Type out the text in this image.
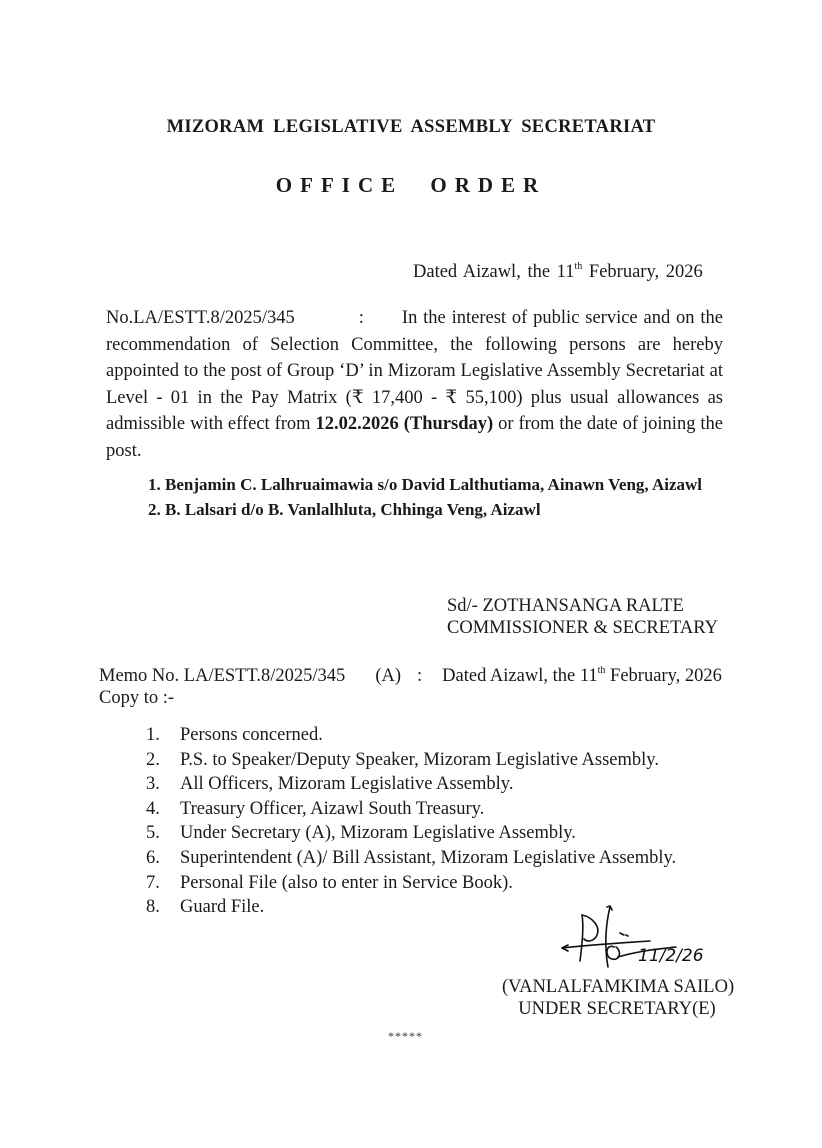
MIZORAM LEGISLATIVE ASSEMBLY SECRETARIAT
OFFICE ORDER
Dated Aizawl, the 11th February, 2026
No.LA/ESTT.8/2025/345	: In the interest of public service and on the recommendation of Selection Committee, the following persons are hereby appointed to the post of Group ‘D’ in Mizoram Legislative Assembly Secretariat at Level - 01 in the Pay Matrix (₹ 17,400 - ₹ 55,100) plus usual allowances as admissible with effect from 12.02.2026 (Thursday) or from the date of joining the post.
1. Benjamin C. Lalhruaimawia s/o David Lalthutiama, Ainawn Veng, Aizawl
2. B. Lalsari d/o B. Vanlalhluta, Chhinga Veng, Aizawl
Sd/- ZOTHANSANGA RALTE
COMMISSIONER & SECRETARY
Memo No. LA/ESTT.8/2025/345 (A) : Dated Aizawl, the 11th February, 2026
Copy to :-
1.	Persons concerned.
2.	P.S. to Speaker/Deputy Speaker, Mizoram Legislative Assembly.
3.	All Officers, Mizoram Legislative Assembly.
4.	Treasury Officer, Aizawl South Treasury.
5.	Under Secretary (A), Mizoram Legislative Assembly.
6.	Superintendent (A)/ Bill Assistant, Mizoram Legislative Assembly.
7.	Personal File (also to enter in Service Book).
8.	Guard File.
11/2/26
(VANLALFAMKIMA SAILO)
UNDER SECRETARY(E)
*****
